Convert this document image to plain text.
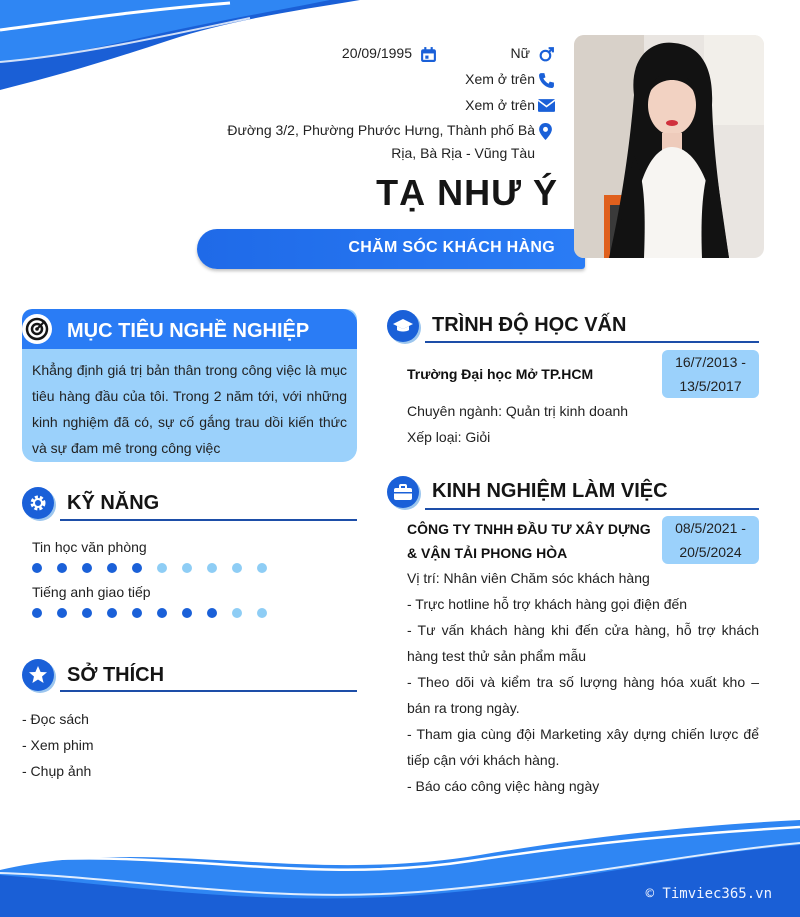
20/09/1995	Nữ
Xem ở trên
Xem ở trên
Đường 3/2, Phường Phước Hưng, Thành phố Bà
Rịa, Bà Rịa - Vũng Tàu
TẠ NHƯ Ý
CHĂM SÓC KHÁCH HÀNG
Khẳng định giá trị bản thân trong công việc là mục tiêu hàng đầu của tôi. Trong 2 năm tới, với những kinh nghiệm đã có, sự cố gắng trau dồi kiến thức và sự đam mê trong công việc
MỤC TIÊU NGHỀ NGHIỆP
KỸ NĂNG
Tin học văn phòng
Tiếng anh giao tiếp
SỞ THÍCH
- Đọc sách
- Xem phim
- Chụp ảnh
TRÌNH ĐỘ HỌC VẤN
Trường Đại học Mở TP.HCM
16/7/2013 -
13/5/2017
Chuyên ngành: Quản trị kinh doanh
Xếp loại: Giỏi
KINH NGHIỆM LÀM VIỆC
CÔNG TY TNHH ĐẦU TƯ XÂY DỰNG
& VẬN TẢI PHONG HÒA
08/5/2021 -
20/5/2024
Vị trí: Nhân viên Chăm sóc khách hàng
- Trực hotline hỗ trợ khách hàng gọi điện đến
- Tư vấn khách hàng khi đến cửa hàng, hỗ trợ khách hàng test thử sản phẩm mẫu
- Theo dõi và kiểm tra số lượng hàng hóa xuất kho – bán ra trong ngày.
- Tham gia cùng đội Marketing xây dựng chiến lược để tiếp cận với khách hàng.
- Báo cáo công việc hàng ngày
© Timviec365.vn
